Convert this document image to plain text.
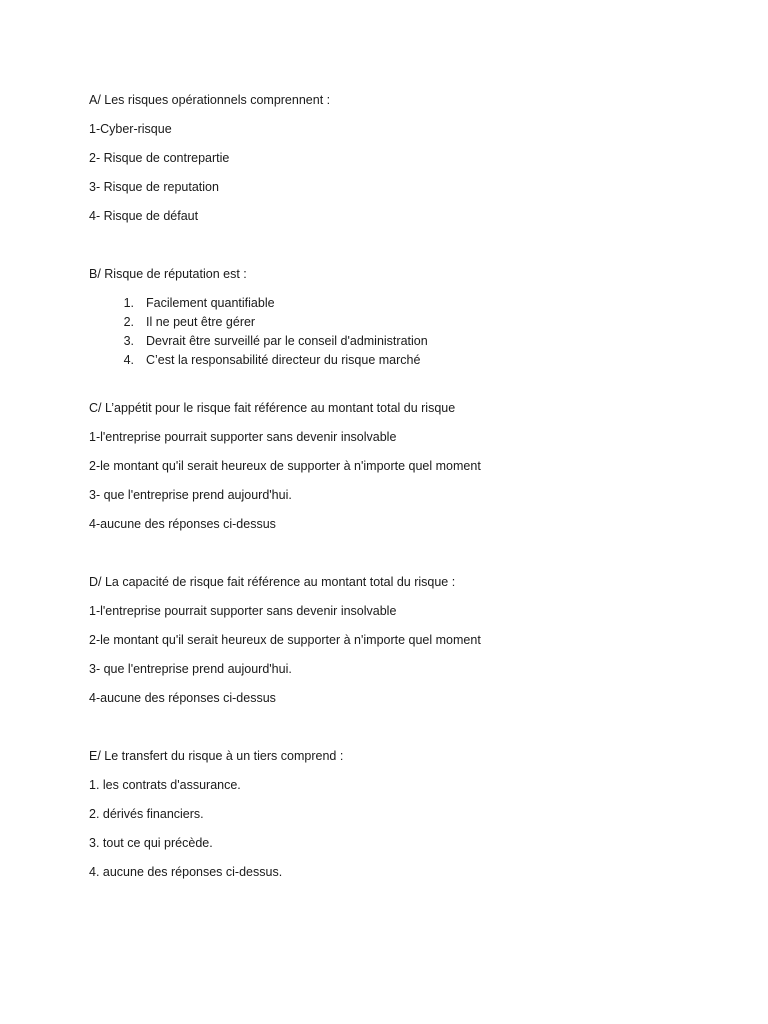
A/ Les risques opérationnels comprennent :
1-Cyber-risque
2- Risque de contrepartie
3- Risque de reputation
4- Risque de défaut
B/ Risque de réputation est :
1. Facilement quantifiable
2. Il ne peut être gérer
3. Devrait être surveillé par le conseil d'administration
4. C’est la responsabilité directeur du risque marché
C/ L’appétit pour le risque fait référence au montant total du risque
1-l'entreprise pourrait supporter sans devenir insolvable
2-le montant qu'il serait heureux de supporter à n'importe quel moment
3- que l'entreprise prend aujourd'hui.
4-aucune des réponses ci-dessus
D/ La capacité de risque fait référence au montant total du risque :
1-l'entreprise pourrait supporter sans devenir insolvable
2-le montant qu'il serait heureux de supporter à n'importe quel moment
3- que l'entreprise prend aujourd'hui.
4-aucune des réponses ci-dessus
E/ Le transfert du risque à un tiers comprend :
1. les contrats d'assurance.
2. dérivés financiers.
3. tout ce qui précède.
4. aucune des réponses ci-dessus.
